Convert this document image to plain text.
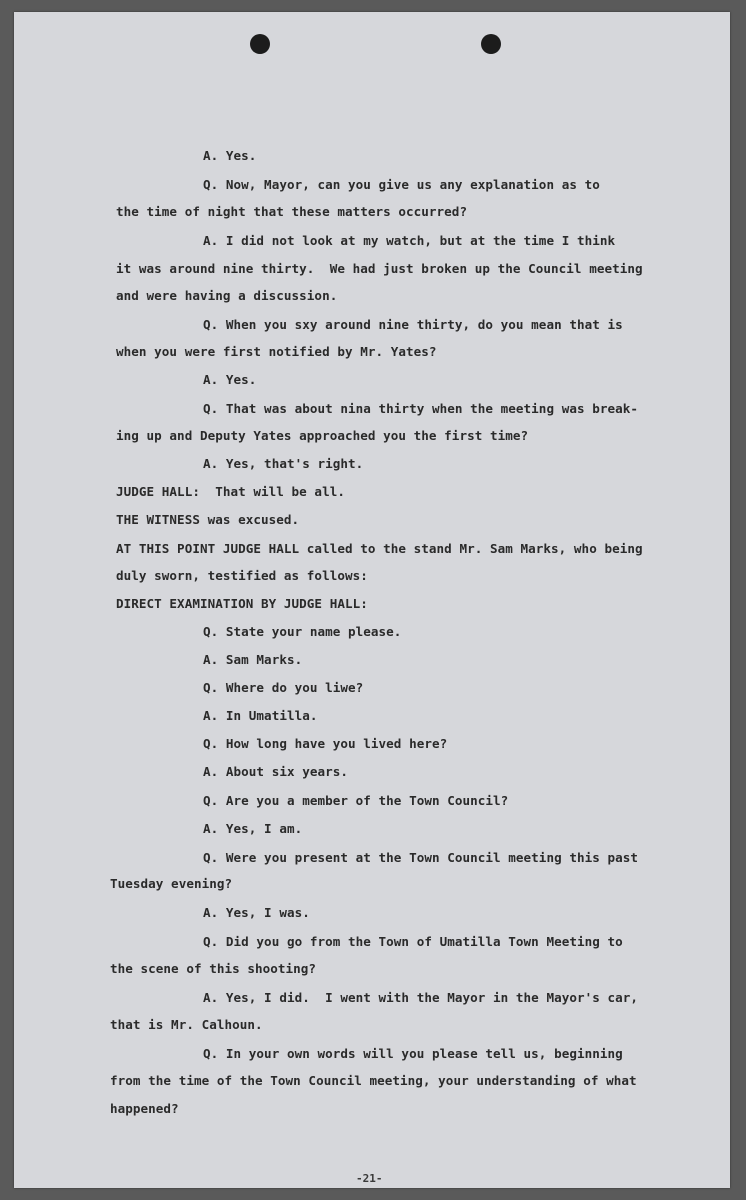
A. Yes.
Q. Now, Mayor, can you give us any explanation as to
the time of night that these matters occurred?
A. I did not look at my watch, but at the time I think
it was around nine thirty.  We had just broken up the Council meeting
and were having a discussion.
Q. When you sxy around nine thirty, do you mean that is
when you were first notified by Mr. Yates?
A. Yes.
Q. That was about nina thirty when the meeting was break-
ing up and Deputy Yates approached you the first time?
A. Yes, that's right.
JUDGE HALL:  That will be all.
THE WITNESS was excused.
AT THIS POINT JUDGE HALL called to the stand Mr. Sam Marks, who being
duly sworn, testified as follows:
DIRECT EXAMINATION BY JUDGE HALL:
Q. State your name please.
A. Sam Marks.
Q. Where do you liwe?
A. In Umatilla.
Q. How long have you lived here?
A. About six years.
Q. Are you a member of the Town Council?
A. Yes, I am.
Q. Were you present at the Town Council meeting this past
Tuesday evening?
A. Yes, I was.
Q. Did you go from the Town of Umatilla Town Meeting to
the scene of this shooting?
A. Yes, I did.  I went with the Mayor in the Mayor's car,
that is Mr. Calhoun.
Q. In your own words will you please tell us, beginning
from the time of the Town Council meeting, your understanding of what
happened?
-21-
